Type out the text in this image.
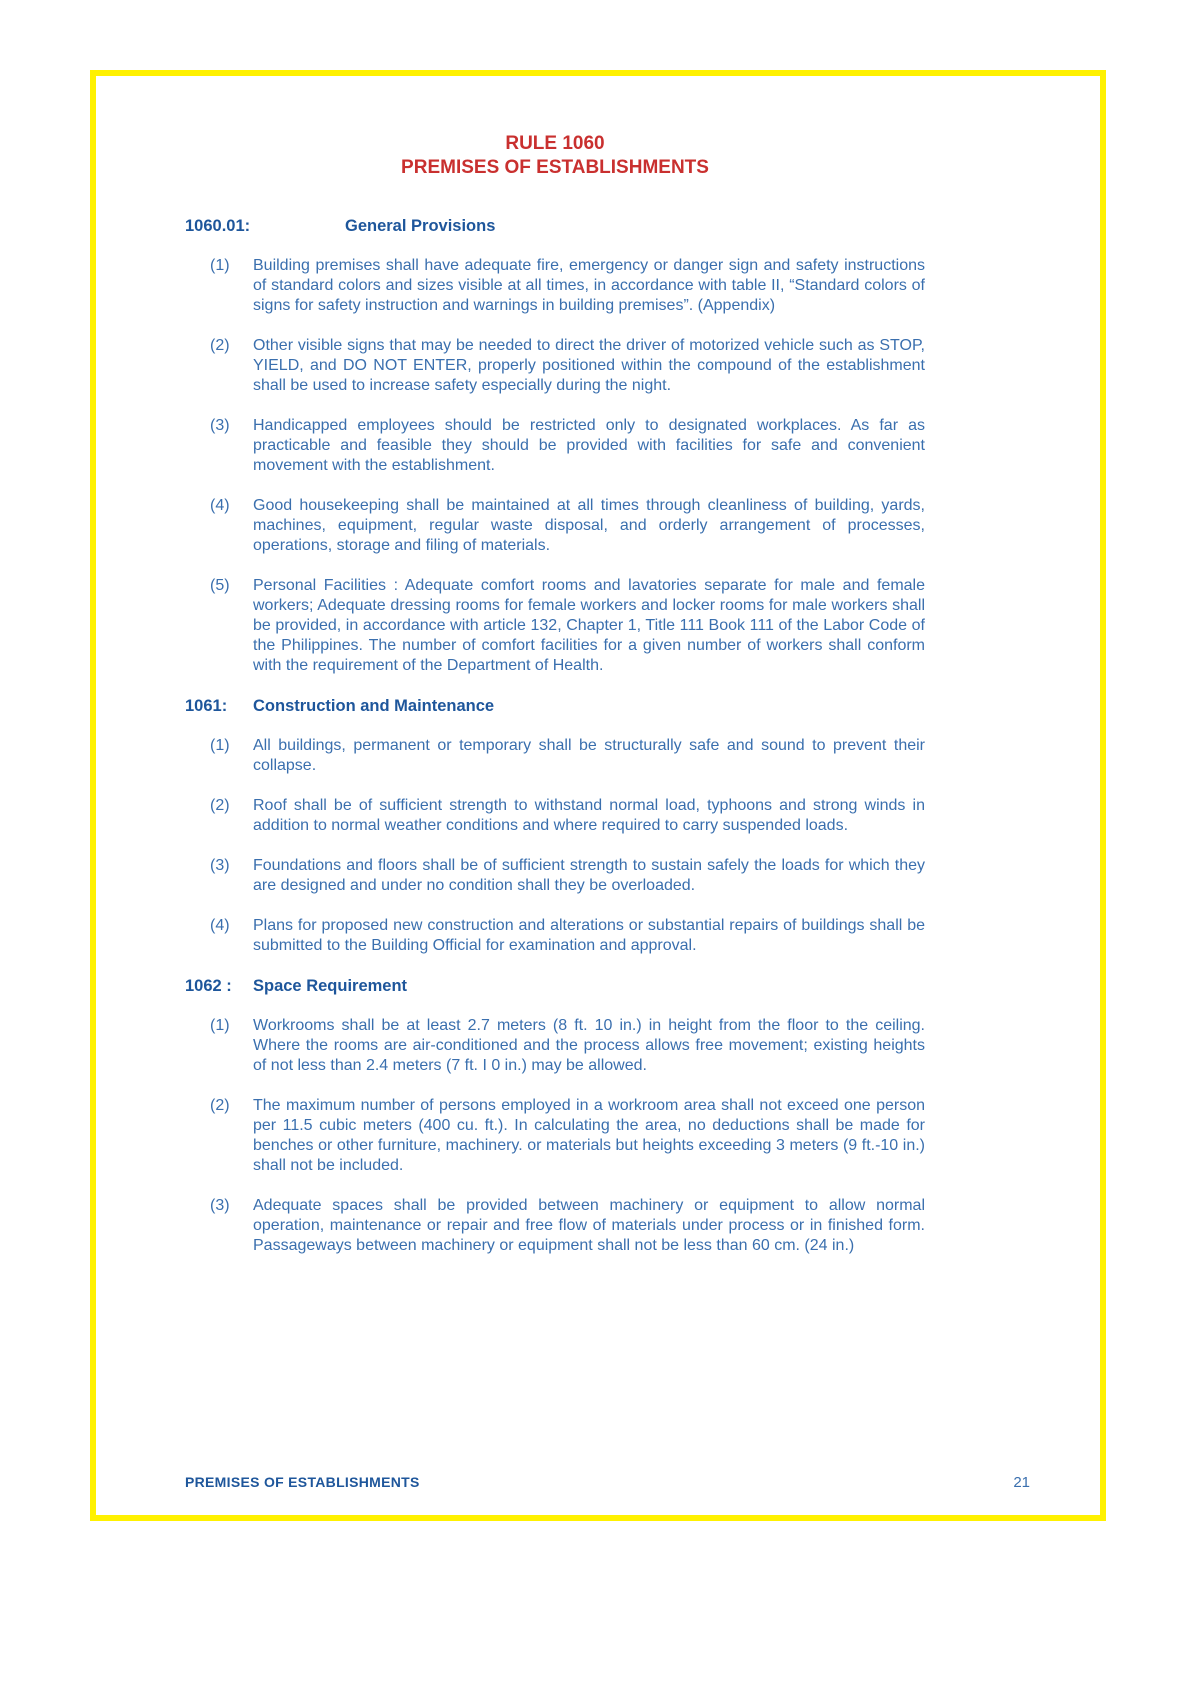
RULE 1060
PREMISES OF ESTABLISHMENTS
1060.01:	General Provisions
(1)	Building premises shall have adequate fire, emergency or danger sign and safety instructions of standard colors and sizes visible at all times, in accordance with table II, “Standard colors of signs for safety instruction and warnings in building premises”. (Appendix)

(2)	Other visible signs that may be needed to direct the driver of motorized vehicle such as STOP, YIELD, and DO NOT ENTER, properly positioned within the compound of the establishment shall be used to increase safety especially during the night.

(3)	Handicapped employees should be restricted only to designated workplaces. As far as practicable and feasible they should be provided with facilities for safe and convenient movement with the establishment.

(4)	Good housekeeping shall be maintained at all times through cleanliness of building, yards, machines, equipment, regular waste disposal, and orderly arrangement of processes, operations, storage and filing of materials.

(5)	Personal Facilities : Adequate comfort rooms and lavatories separate for male and female workers; Adequate dressing rooms for female workers and locker rooms for male workers shall be provided, in accordance with article 132, Chapter 1, Title 111 Book 111 of the Labor Code of the Philippines. The number of comfort facilities for a given number of workers shall conform with the requirement of the Department of Health.

1061:	Construction and Maintenance
(1)	All buildings, permanent or temporary shall be structurally safe and sound to prevent their collapse.

(2)	Roof shall be of sufficient strength to withstand normal load, typhoons and strong winds in addition to normal weather conditions and where required to carry suspended loads.

(3)	Foundations and floors shall be of sufficient strength to sustain safely the loads for which they are designed and under no condition shall they be overloaded.

(4)	Plans for proposed new construction and alterations or substantial repairs of buildings shall be submitted to the Building Official for examination and approval.

1062 :	Space Requirement
(1)	Workrooms shall be at least 2.7 meters (8 ft. 10 in.) in height from the floor to the ceiling. Where the rooms are air-conditioned and the process allows free movement; existing heights of not less than 2.4 meters (7 ft. I 0 in.) may be allowed.

(2)	The maximum number of persons employed in a workroom area shall not exceed one person per 11.5 cubic meters (400 cu. ft.). In calculating the area, no deductions shall be made for benches or other furniture, machinery. or materials but heights exceeding 3 meters (9 ft.-10 in.) shall not be included.

(3)	Adequate spaces shall be provided between machinery or equipment to allow normal operation, maintenance or repair and free flow of materials under process or in finished form. Passageways between machinery or equipment shall not be less than 60 cm. (24 in.)

PREMISES OF ESTABLISHMENTS	21
